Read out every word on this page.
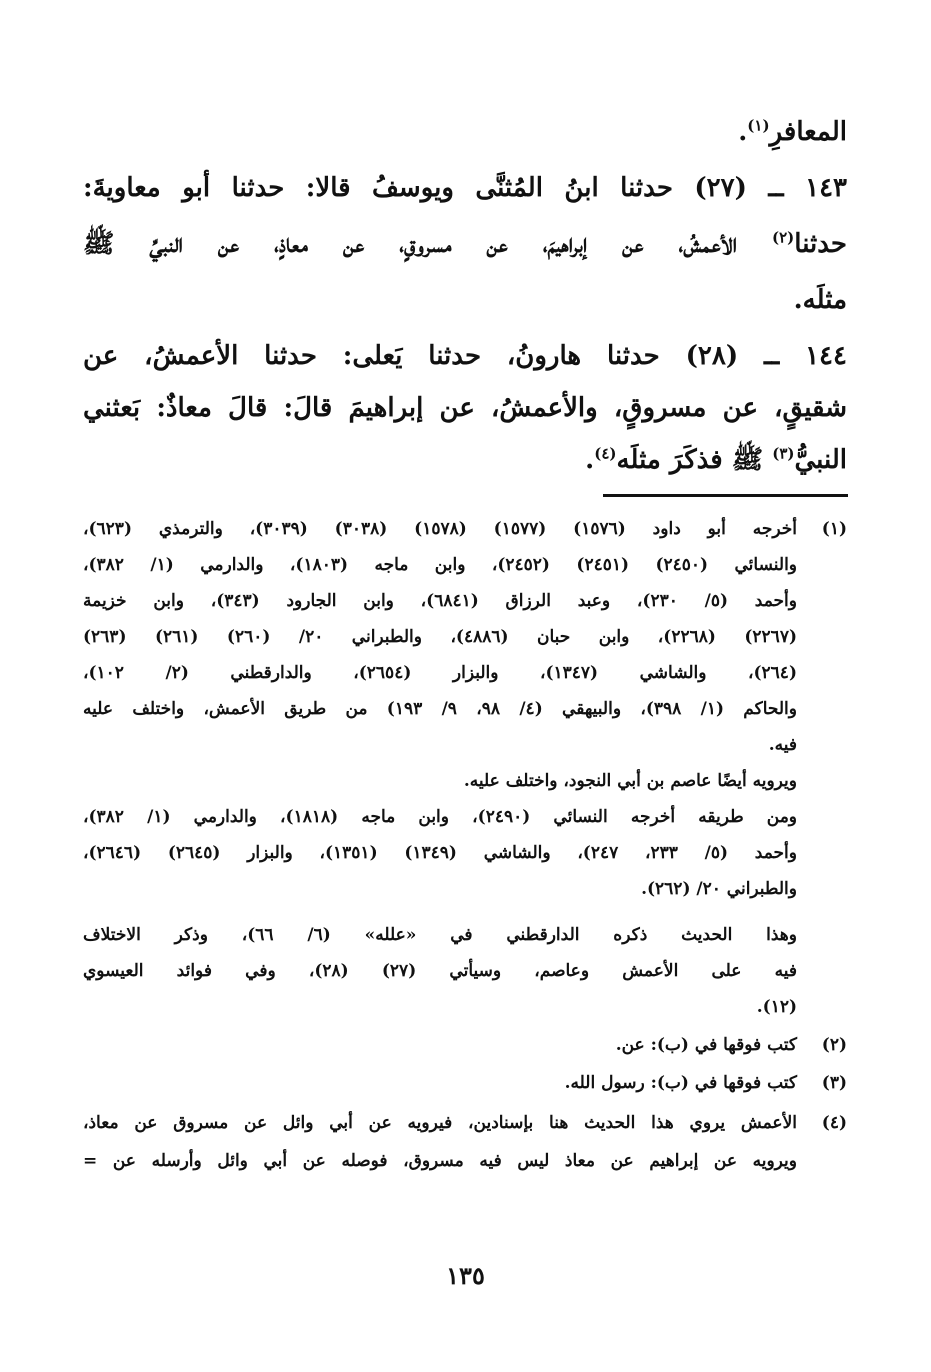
المعافرِ$^{(١)}$.
١٤٣ ــ (٢٧) حدثنا ابنُ المُثنَّى ويوسفُ قالا: حدثنا أبو معاويةَ:
حدثنا$^{(٢)}$ الأعمشُ، عن إبراهيمَ، عن مسروقٍ، عن معاذٍ، عن النبيِّ ﷺ
مثلَه.
١٤٤ ــ (٢٨) حدثنا هارونُ، حدثنا يَعلى: حدثنا الأعمشُ، عن
شقيقٍ، عن مسروقٍ، والأعمشُ، عن إبراهيمَ قالَ: قالَ معاذٌ: بَعثني
النبيُّ$^{(٣)}$ ﷺ فذكَرَ مثلَه$^{(٤)}$.
(١)
أخرجه أبو داود (١٥٧٦) (١٥٧٧) (١٥٧٨) (٣٠٣٨) (٣٠٣٩)، والترمذي (٦٢٣)،
والنسائي (٢٤٥٠) (٢٤٥١) (٢٤٥٢)، وابن ماجه (١٨٠٣)، والدارمي (١/ ٣٨٢)،
وأحمد (٥/ ٢٣٠)، وعبد الرزاق (٦٨٤١)، وابن الجارود (٣٤٣)، وابن خزيمة
(٢٢٦٧) (٢٢٦٨)، وابن حبان (٤٨٨٦)، والطبراني ٢٠/ (٢٦٠) (٢٦١) (٢٦٣)
(٢٦٤)، والشاشي (١٣٤٧)، والبزار (٢٦٥٤)، والدارقطني (٢/ ١٠٢)،
والحاكم (١/ ٣٩٨)، والبيهقي (٤/ ٩٨، ٩/ ١٩٣) من طريق الأعمش، واختلف عليه
فيه.
ويرويه أيضًا عاصم بن أبي النجود، واختلف عليه.
ومن طريقه أخرجه النسائي (٢٤٩٠)، وابن ماجه (١٨١٨)، والدارمي (١/ ٣٨٢)،
وأحمد (٥/ ٢٣٣، ٢٤٧)، والشاشي (١٣٤٩) (١٣٥١)، والبزار (٢٦٤٥) (٢٦٤٦)،
والطبراني ٢٠/ (٢٦٢).
وهذا الحديث ذكره الدارقطني في «علله» (٦/ ٦٦)، وذكر الاختلاف
فيه على الأعمش وعاصم، وسيأتي (٢٧) (٢٨)، وفي فوائد العيسوي
(١٢).
(٢)
كتب فوقها في (ب): عن.
(٣)
كتب فوقها في (ب): رسول الله.
(٤)
الأعمش يروي هذا الحديث هنا بإسنادين، فيرويه عن أبي وائل عن مسروق عن معاذ،
ويرويه عن إبراهيم عن معاذ ليس فيه مسروق، فوصله عن أبي وائل وأرسله عن =
١٣٥
